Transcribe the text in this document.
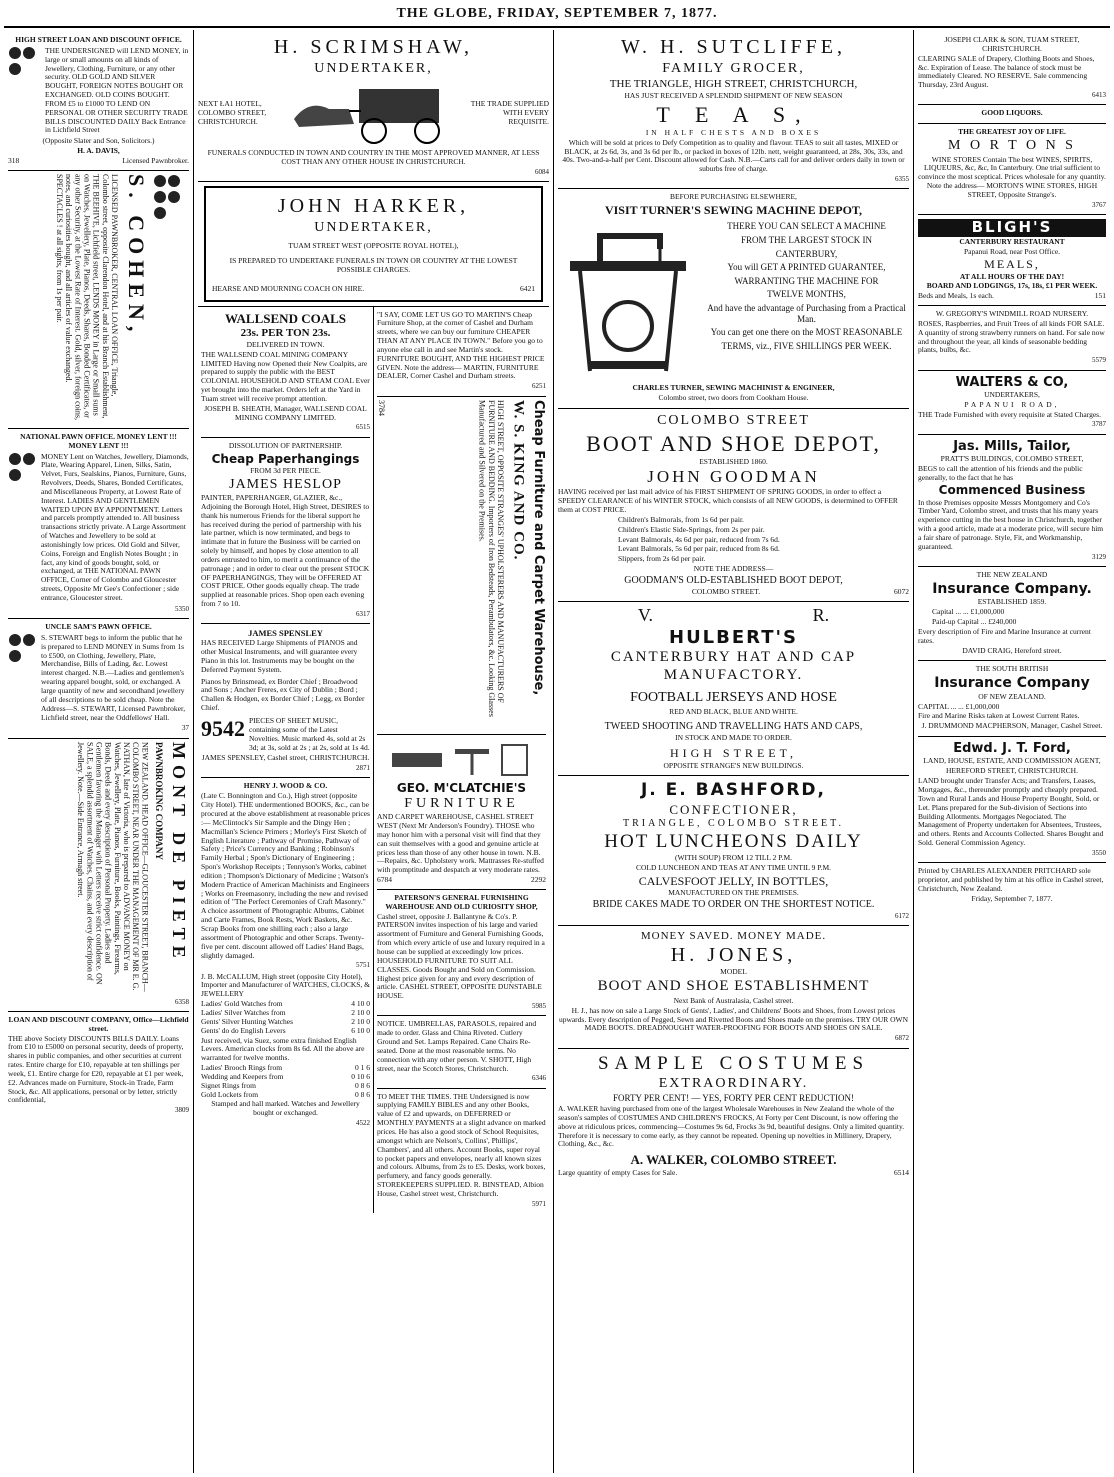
THE GLOBE, FRIDAY, SEPTEMBER 7, 1877.

HIGH STREET LOAN AND DISCOUNT OFFICE.

THE UNDERSIGNED will LEND MONEY, in large or small amounts on all kinds of Jewellery, Clothing, Furniture, or any other security. OLD GOLD AND SILVER BOUGHT, FOREIGN NOTES BOUGHT OR EXCHANGED. OLD COINS BOUGHT. FROM £5 to £1000 TO LEND ON PERSONAL OR OTHER SECURITY TRADE BILLS DISCOUNTED DAILY Back Entrance in Lichfield Street

(Opposite Slater and Son, Solicitors.)

H. A. DAVIS,

318	Licensed Pawnbroker.
LICENSED PAWNBROKER, CENTRAL LOAN OFFICE, Triangle, Colombo street, opposite Clarendon Hotel, and at his Branch Establishment, THE BEEHIVE, Lichfield street, LENDS MONEY in Large or Small sums on Watches, Jewellery, Plate, Pianos, Deeds, Shares, Bonded Certificates, or any other Security, at the Lowest Rate of Interest. Gold, silver, foreign coins, notes, and curiosities bought, and all articles of value exchanged. SPECTACLES ! at all sights, from 1s per pair.	S. COHEN,

NATIONAL PAWN OFFICE. MONEY LENT !!! MONEY LENT !!!

MONEY Lent on Watches, Jewellery, Diamonds, Plate, Wearing Apparel, Linen, Silks, Satin, Velvet, Furs, Sealskins, Pianos, Furniture, Guns, Revolvers, Deeds, Shares, Bonded Certificates, and Miscellaneous Property, at Lowest Rate of Interest. LADIES AND GENTLEMEN WAITED UPON BY APPOINTMENT. Letters and parcels promptly attended to. All business transactions strictly private. A Large Assortment of Watches and Jewellery to be sold at astonishingly low prices. Old Gold and Silver, Coins, Foreign and English Notes Bought ; in fact, any kind of goods bought, sold, or exchanged, at THE NATIONAL PAWN OFFICE, Corner of Colombo and Gloucester streets, Opposite Mr Gee's Confectioner ; side entrance, Gloucester street.

5350

UNCLE SAM'S PAWN OFFICE.

S. STEWART begs to inform the public that he is prepared to LEND MONEY in Sums from 1s to £500, on Clothing, Jewellery, Plate, Merchandise, Bills of Lading, &c. Lowest interest charged. N.B.—Ladies and gentlemen's wearing apparel bought, sold, or exchanged. A large quantity of new and secondhand jewellery of all descriptions to be sold cheap. Note the Address—S. STEWART, Licensed Pawnbroker, Lichfield street, near the Oddfellows' Hall.

37

NEW ZEALAND. HEAD OFFICE—GLOUCESTER STREET, BRANCH—COLOMBO STREET, NEAR UNDER THE MANAGEMENT OF MR E. G. NATHAN, late of Victoria, who is prepared to ADVANCE MONEY on Watches, Jewellery, Plate, Pianos, Furniture, Books, Paintings, Firearms, Bonds, Deeds and every description of Personal Property. Ladies and Gentlemen favoring the Manager with Letters receive strict confidence. ON SALE, a splendid assortment of Watches, Chains, and every description of Jewellery. Note.—Side Entrance, Armagh street.	PAWNBROKING COMPANY MONT DE PIETE

6358

LOAN AND DISCOUNT COMPANY, Office—Lichfield street.

THE above Society DISCOUNTS BILLS DAILY. Loans from £10 to £5000 on personal security, deeds of property, shares in public companies, and other securities at current rates. Entire charge for £10, repayable at ten shillings per week, £1. Entire charge for £20, repayable at £1 per week, £2. Advances made on Furniture, Stock-in Trade, Farm Stock, &c. All applications, personal or by letter, strictly confidential,

3809

H. SCRIMSHAW,

UNDERTAKER,

NEXT ŁA1 HOTEL, COLOMBO STREET, CHRISTCHURCH.

THE TRADE SUPPLIED WITH EVERY REQUISITE.

FUNERALS CONDUCTED IN TOWN AND COUNTRY IN THE MOST APPROVED MANNER, AT LESS COST THAN ANY OTHER HOUSE IN CHRISTCHURCH.

6084

JOHN HARKER,

UNDERTAKER,

TUAM STREET WEST (OPPOSITE ROYAL HOTEL),

IS PREPARED TO UNDERTAKE FUNERALS IN TOWN OR COUNTRY AT THE LOWEST POSSIBLE CHARGES.

HEARSE AND MOURNING COACH ON HIRE.	6421

WALLSEND COALS

23s. PER TON 23s.

DELIVERED IN TOWN.

THE WALLSEND COAL MINING COMPANY LIMITED Having now Opened their New Coalpits, are prepared to supply the public with the BEST COLONIAL HOUSEHOLD AND STEAM COAL Ever yet brought into the market. Orders left at the Yard in Tuam street will receive prompt attention.

JOSEPH B. SHEATH, Manager, WALLSEND COAL MINING COMPANY LIMITED.

6515

DISSOLUTION OF PARTNERSHIP.

Cheap Paperhangings

FROM 3d PER PIECE.

JAMES HESLOP

PAINTER, PAPERHANGER, GLAZIER, &c., Adjoining the Borough Hotel, High Street, DESIRES to thank his numerous Friends for the liberal support he has received during the period of partnership with his late partner, which is now terminated, and begs to intimate that in future the Business will be carried on solely by himself, and hopes by close attention to all orders entrusted to him, to merit a continuance of the patronage ; and in order to clear out the present STOCK OF PAPERHANGINGS, They will be OFFERED AT COST PRICE. Other goods equally cheap. The trade supplied at reasonable prices. Shop open each evening from 7 to 10.

6317

JAMES SPENSLEY

HAS RECEIVED Large Shipments of PIANOS and other Musical Instruments, and will guarantee every Piano in this lot. Instruments may be bought on the Deferred Payment System.

Pianos by Brinsmead, ex Border Chief ; Broadwood and Sons ; Ancher Freres, ex City of Dublin ; Bord ; Challen & Hodgen, ex Border Chief ; Legg, ex Border Chief.

9542 PIECES OF SHEET MUSIC, containing some of the Latest Novelties. Music marked 4s, sold at 2s 3d; at 3s, sold at 2s ; at 2s, sold at 1s 4d.

JAMES SPENSLEY, Cashel street, CHRISTCHURCH.

2871

HENRY J. WOOD & CO.

(Late C. Bonnington and Co.), High street (opposite City Hotel). THE undermentioned BOOKS, &c., can be procured at the above establishment at reasonable prices :— McClintock's Sir Sample and the Dingy Hen ; Macmillan's Science Primers ; Morley's First Sketch of English Literature ; Pathway of Promise, Pathway of Safety ; Price's Currency and Banking ; Robinson's Family Herbal ; Spon's Dictionary of Engineering ; Spon's Workshop Receipts ; Tennyson's Works, cabinet edition ; Thompson's Dictionary of Medicine ; Watson's Modern Practice of American Machinists and Engineers ; Works on Freemasonry, including the new and revised edition of "The Perfect Ceremonies of Craft Masonry." A choice assortment of Photographic Albums, Cabinet and Carte Frames, Book Rests, Work Baskets, &c. Scrap Books from one shilling each ; also a large assortment of Photographic and other Scraps. Twenty-five per cent. discount allowed off Ladies' Hand Bags, slightly damaged.

5751

J. B. McCALLUM, High street (opposite City Hotel), Importer and Manufacturer of WATCHES, CLOCKS, & JEWELLERY

Ladies' Gold Watches from	4 10 0
Ladies' Silver Watches from	2 10 0
Gents' Silver Hunting Watches	2 10 0
Gents' do do English Levers	6 10 0

Just received, via Suez, some extra finished English Levers. American clocks from 8s 6d. All the above are warranted for twelve months.

Ladies' Brooch Rings from	0 1 6
Wedding and Keepers from	0 10 6
Signet Rings from	0 8 6
Gold Lockets from	0 8 6

Stamped and hall marked. Watches and Jewellery bought or exchanged.

4522

"I SAY, COME LET US GO TO MARTIN'S Cheap Furniture Shop, at the corner of Cashel and Durham streets, where we can buy our furniture CHEAPER THAN AT ANY PLACE IN TOWN." Before you go to anyone else call in and see Martin's stock. FURNITURE BOUGHT, AND THE HIGHEST PRICE GIVEN. Note the address— MARTIN, FURNITURE DEALER, Corner Cashel and Durham streets.

6251

3784	HIGH STREET, OPPOSITE STRANGES' UPHOLSTERERS AND MANUFACTURERS OF FURNITURE AND BEDDING. Importers of Iron Bedsteads, Perambulators, &c. Looking Glasses Manufactured and Silvered on the Premises.	W. S. KING AND CO. Cheap Furniture and Carpet Warehouse,

GEO. M'CLATCHIE'S

FURNITURE

AND CARPET WAREHOUSE, CASHEL STREET WEST (Next Mr Anderson's Foundry). THOSE who may honor him with a personal visit will find that they can suit themselves with a good and genuine article at prices less than those of any other house in town. N.B.—Repairs, &c. Upholstery work. Mattrasses Re-stuffed with promptitude and despatch at very moderate rates.

6784	2292

PATERSON'S GENERAL FURNISHING WAREHOUSE AND OLD CURIOSITY SHOP,

Cashel street, opposite J. Ballantyne & Co's. P. PATERSON invites inspection of his large and varied assortment of Furniture and General Furnishing Goods, from which every article of use and luxury required in a house can be supplied at exceedingly low prices. HOUSEHOLD FURNITURE TO SUIT ALL CLASSES. Goods Bought and Sold on Commission. Highest price given for any and every description of article. CASHEL STREET, OPPOSITE DUNSTABLE HOUSE.

5985

NOTICE. UMBRELLAS, PARASOLS, repaired and made to order. Glass and China Riveted. Cutlery Ground and Set. Lamps Repaired. Cane Chairs Re-seated. Done at the most reasonable terms. No connection with any other person. V. SHOTT, High street, near the Scotch Stores, Christchurch.

6346

TO MEET THE TIMES. THE Undersigned is now supplying FAMILY BIBLES and any other Books, value of £2 and upwards, on DEFERRED or MONTHLY PAYMENTS at a slight advance on marked prices. He has also a good stock of School Requisites, amongst which are Nelson's, Collins', Phillips', Chambers', and all others. Account Books, super royal to pocket papers and envelopes, nearly all known sizes and colours. Albums, from 2s to £5. Desks, work boxes, perfumery, and fancy goods generally. STOREKEEPERS SUPPLIED. R. BINSTEAD, Albion House, Cashel street west, Christchurch.

5971

W. H. SUTCLIFFE,

FAMILY GROCER,

THE TRIANGLE, HIGH STREET, CHRISTCHURCH,

HAS JUST RECEIVED A SPLENDID SHIPMENT OF NEW SEASON

T E A S,

IN HALF CHESTS AND BOXES

Which will be sold at prices to Defy Competition as to quality and flavour. TEAS to suit all tastes, MIXED or BLACK, at 2s 6d, 3s, and 3s 6d per lb., or packed in boxes of 12lb. nett, weight guaranteed, at 28s, 30s, 33s, and 40s. Two-and-a-half per Cent. Discount allowed for Cash. N.B.—Carts call for and deliver orders daily in town or suburbs free of charge.

6355

BEFORE PURCHASING ELSEWHERE,

VISIT TURNER'S SEWING MACHINE DEPOT,

THERE YOU CAN SELECT A MACHINE

FROM THE LARGEST STOCK IN

CANTERBURY,

You will GET A PRINTED GUARANTEE,

WARRANTING THE MACHINE FOR

TWELVE MONTHS,

And have the advantage of Purchasing from a Practical Man.

You can get one there on the MOST REASONABLE

TERMS, viz., FIVE SHILLINGS PER WEEK.

CHARLES TURNER, SEWING MACHINIST & ENGINEER,

Colombo street, two doors from Cookham House.

COLOMBO STREET

BOOT AND SHOE DEPOT,

ESTABLISHED 1860.

JOHN GOODMAN

HAVING received per last mail advice of his FIRST SHIPMENT OF SPRING GOODS, in order to effect a SPEEDY CLEARANCE of his WINTER STOCK, which consists of all NEW GOODS, is determined to OFFER them at COST PRICE.

Children's Balmorals, from 1s 6d per pair.

Children's Elastic Side-Springs, from 2s per pair.

Levant Balmorals, 4s 6d per pair, reduced from 7s 6d.

Levant Balmorals, 5s 6d per pair, reduced from 8s 6d.

Slippers, from 2s 6d per pair.

NOTE THE ADDRESS—

GOODMAN'S OLD-ESTABLISHED BOOT DEPOT,

COLOMBO STREET.	6072
V.	R.

HULBERT'S

CANTERBURY HAT AND CAP MANUFACTORY.

FOOTBALL JERSEYS AND HOSE

RED AND BLACK, BLUE AND WHITE.

TWEED SHOOTING AND TRAVELLING HATS AND CAPS,

IN STOCK AND MADE TO ORDER.

HIGH STREET,

OPPOSITE STRANGE'S NEW BUILDINGS.

J. E. BASHFORD,

CONFECTIONER,

TRIANGLE, COLOMBO STREET.

HOT LUNCHEONS DAILY

(WITH SOUP) FROM 12 TILL 2 P.M.

COLD LUNCHEON AND TEAS AT ANY TIME UNTIL 9 P.M.

CALVESFOOT JELLY, IN BOTTLES,

MANUFACTURED ON THE PREMISES.

BRIDE CAKES MADE TO ORDER ON THE SHORTEST NOTICE.

6172

MONEY SAVED. MONEY MADE.

H. JONES,

MODEL

BOOT AND SHOE ESTABLISHMENT

Next Bank of Australasia, Cashel street.

H. J., has now on sale a Large Stock of Gents', Ladies', and Childrens' Boots and Shoes, from Lowest prices upwards. Every description of Pegged, Sewn and Rivetted Boots and Shoes made on the premises. TRY OUR OWN MADE BOOTS. DREADNOUGHT WATER-PROOFING FOR BOOTS AND SHOES ON SALE.

6872

SAMPLE COSTUMES

EXTRAORDINARY.

FORTY PER CENT! — YES, FORTY PER CENT REDUCTION!

A. WALKER having purchased from one of the largest Wholesale Warehouses in New Zealand the whole of the season's samples of COSTUMES AND CHILDREN'S FROCKS, At Forty per Cent Discount, is now offering the above at ridiculous prices, commencing—Costumes 9s 6d, Frocks 3s 9d, beautiful designs. Only a limited quantity. Therefore it is necessary to come early, as they cannot be repeated. Opening up novelties in Millinery, Drapery, Clothing, &c., &c.

A. WALKER, COLOMBO STREET.

Large quantity of empty Cases for Sale.	6514

JOSEPH CLARK & SON, TUAM STREET, CHRISTCHURCH.

CLEARING SALE of Drapery, Clothing Boots and Shoes, &c. Expiration of Lease. The balance of stock must be immediately Cleared. NO RESERVE. Sale commencing Thursday, 23rd August.

6413

GOOD LIQUORS.

THE GREATEST JOY OF LIFE.

M O R T O N S

WINE STORES Contain The best WINES, SPIRITS, LIQUEURS, &c, &c, In Canterbury. One trial sufficient to convince the most sceptical. Prices wholesale for any quantity. Note the address— MORTON'S WINE STORES, HIGH STREET, Opposite Strange's.

3767

BLIGH'S

CANTERBURY RESTAURANT

Papanui Road, near Post Office.

MEALS,

AT ALL HOURS OF THE DAY!

BOARD AND LODGINGS, 17s, 18s, £1 PER WEEK.

Beds and Meals, 1s each.	151

W. GREGORY'S WINDMILL ROAD NURSERY.

ROSES, Raspberries, and Fruit Trees of all kinds FOR SALE. A quantity of strong strawberry runners on hand. For sale now and throughout the year, all kinds of seasonable bedding plants, bulbs, &c.

5579

WALTERS & CO,

UNDERTAKERS,

PAPANUI ROAD,

THE Trade Furnished with every requisite at Stated Charges.

3787

Jas. Mills, Tailor,

PRATT'S BUILDINGS, COLOMBO STREET,

BEGS to call the attention of his friends and the public generally, to the fact that he has

Commenced Business

In those Premises opposite Messrs Montgomery and Co's Timber Yard, Colombo street, and trusts that his many years experience cutting in the best house in Christchurch, together with a good article, made at a moderate price, will secure him a fair share of patronage. Style, Fit, and Workmanship, guaranteed.

3129

THE NEW ZEALAND

Insurance Company.

ESTABLISHED 1859.

Capital ... ... £1,000,000

Paid-up Capital ... £240,000

Every description of Fire and Marine Insurance at current rates.

DAVID CRAIG, Hereford street.

THE SOUTH BRITISH

Insurance Company

OF NEW ZEALAND.

CAPITAL ... ... £1,000,000

Fire and Marine Risks taken at Lowest Current Rates.

J. DRUMMOND MACPHERSON, Manager, Cashel Street.

Edwd. J. T. Ford,

LAND, HOUSE, ESTATE, AND COMMISSION AGENT,

HEREFORD STREET, CHRISTCHURCH.

LAND brought under Transfer Acts; and Transfers, Leases, Mortgages, &c., thereunder promptly and cheaply prepared. Town and Rural Lands and House Property Bought, Sold, or Let. Plans prepared for the Sub-division of Sections into Building Allotments. Mortgages Negociated. The Management of Property undertaken for Absentees, Trustees, and others. Rents and Accounts Collected. Shares Bought and Sold. General Commission Agency.

3550

Printed by CHARLES ALEXANDER PRITCHARD sole proprietor, and published by him at his office in Cashel street, Christchurch, New Zealand.

Friday, September 7, 1877.
